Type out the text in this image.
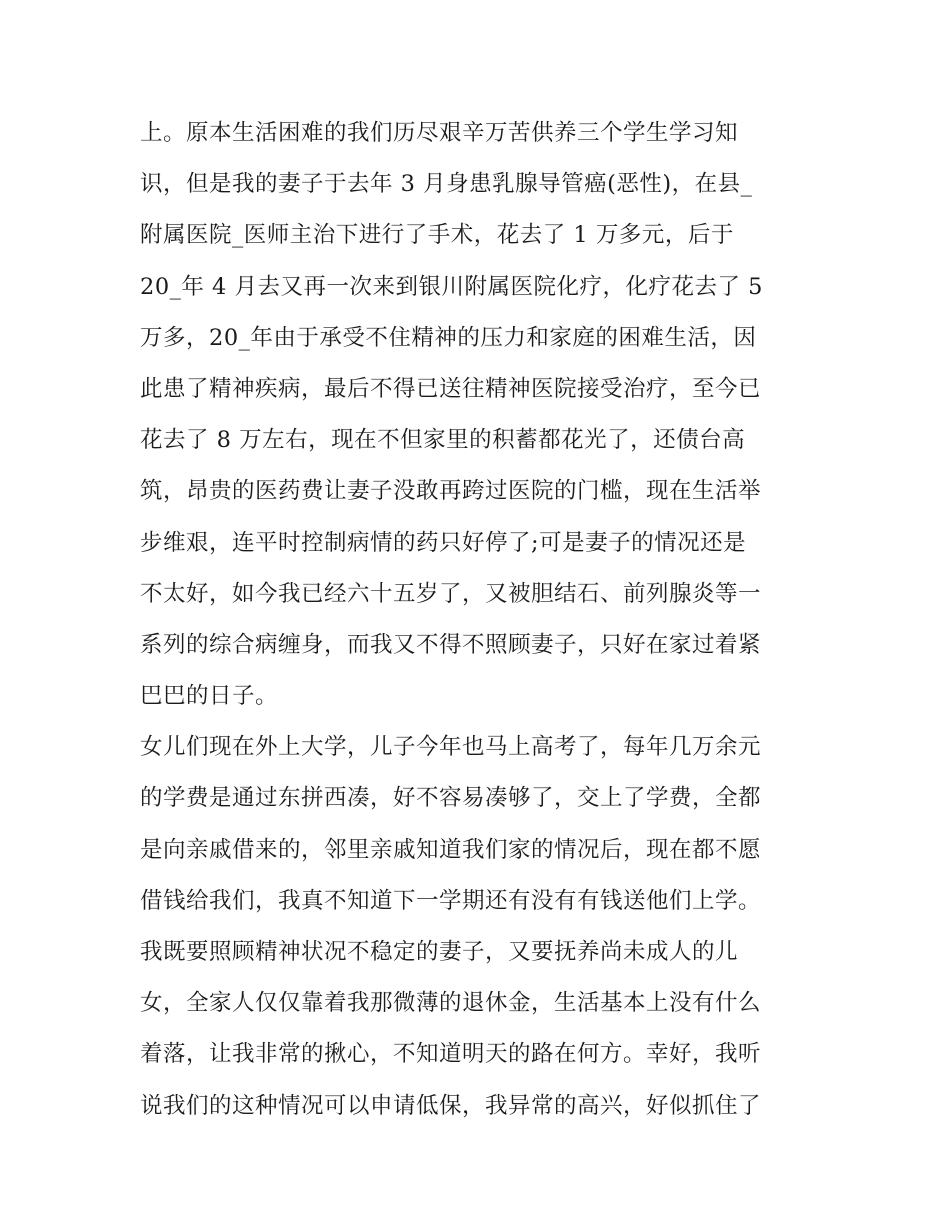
上。原本生活困难的我们历尽艰辛万苦供养三个学生学习知
识，但是我的妻子于去年 3 月身患乳腺导管癌(恶性)，在县_
附属医院_医师主治下进行了手术，花去了 1 万多元，后于
20_年 4 月去又再一次来到银川附属医院化疗，化疗花去了 5
万多，20_年由于承受不住精神的压力和家庭的困难生活，因
此患了精神疾病，最后不得已送往精神医院接受治疗，至今已
花去了 8 万左右，现在不但家里的积蓄都花光了，还债台高
筑，昂贵的医药费让妻子没敢再跨过医院的门槛，现在生活举
步维艰，连平时控制病情的药只好停了;可是妻子的情况还是
不太好，如今我已经六十五岁了，又被胆结石、前列腺炎等一
系列的综合病缠身，而我又不得不照顾妻子，只好在家过着紧
巴巴的日子。
女儿们现在外上大学，儿子今年也马上高考了，每年几万余元
的学费是通过东拼西凑，好不容易凑够了，交上了学费，全都
是向亲戚借来的，邻里亲戚知道我们家的情况后，现在都不愿
借钱给我们，我真不知道下一学期还有没有有钱送他们上学。
我既要照顾精神状况不稳定的妻子，又要抚养尚未成人的儿
女，全家人仅仅靠着我那微薄的退休金，生活基本上没有什么
着落，让我非常的揪心，不知道明天的路在何方。幸好，我听
说我们的这种情况可以申请低保，我异常的高兴，好似抓住了
